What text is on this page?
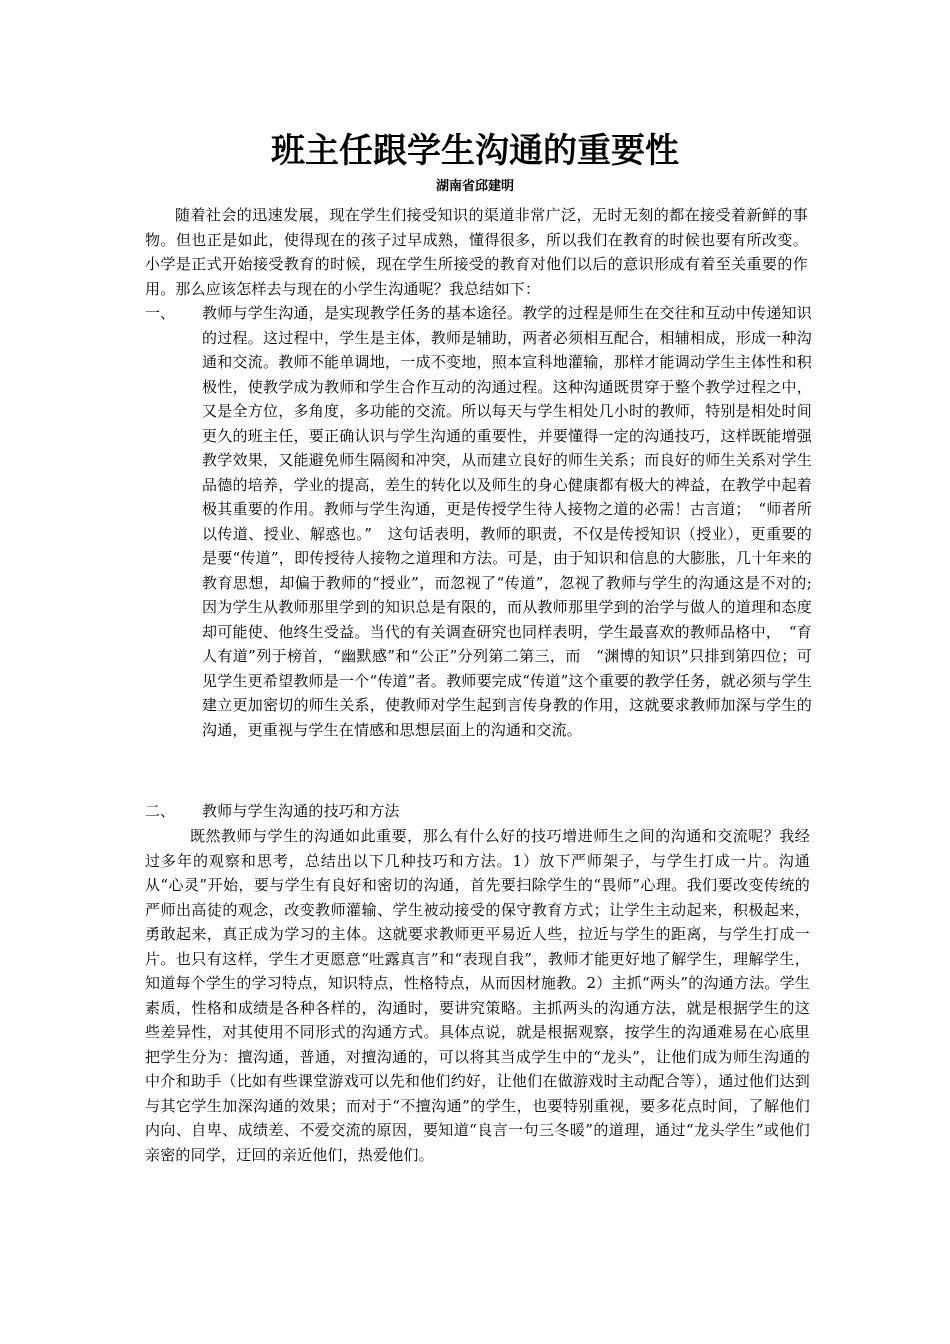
班主任跟学生沟通的重要性
湖南省邱建明

随着社会的迅速发展，现在学生们接受知识的渠道非常广泛，无时无刻的都在接受着新鲜的事物。但也正是如此，使得现在的孩子过早成熟，懂得很多，所以我们在教育的时候也要有所改变。小学是正式开始接受教育的时候，现在学生所接受的教育对他们以后的意识形成有着至关重要的作用。那么应该怎样去与现在的小学生沟通呢？我总结如下：

一、 教师与学生沟通，是实现教学任务的基本途径。教学的过程是师生在交往和互动中传递知识的过程。这过程中，学生是主体，教师是辅助，两者必须相互配合，相辅相成，形成一种沟通和交流。教师不能单调地，一成不变地，照本宣科地灌输，那样才能调动学生主体性和积极性，使教学成为教师和学生合作互动的沟通过程。这种沟通既贯穿于整个教学过程之中，又是全方位，多角度，多功能的交流。所以每天与学生相处几小时的教师，特别是相处时间更久的班主任，要正确认识与学生沟通的重要性，并要懂得一定的沟通技巧，这样既能增强教学效果，又能避免师生隔阂和冲突，从而建立良好的师生关系；而良好的师生关系对学生品德的培养，学业的提高，差生的转化以及师生的身心健康都有极大的裨益，在教学中起着极其重要的作用。教师与学生沟通，更是传授学生待人接物之道的必需！古言道；　“师者所以传道、授业、解惑也。”　这句话表明，教师的职责，不仅是传授知识（授业），更重要的是要“传道”，即传授待人接物之道理和方法。可是，由于知识和信息的大膨胀，几十年来的教育思想，却偏于教师的“授业”，而忽视了“传道”，忽视了教师与学生的沟通这是不对的;因为学生从教师那里学到的知识总是有限的，而从教师那里学到的治学与做人的道理和态度却可能使、他终生受益。当代的有关调查研究也同样表明，学生最喜欢的教师品格中，　“育人有道”列于榜首，“幽默感”和“公正”分列第二第三，而　“渊博的知识”只排到第四位；可见学生更希望教师是一个“传道”者。教师要完成“传道”这个重要的教学任务，就必须与学生建立更加密切的师生关系，使教师对学生起到言传身教的作用，这就要求教师加深与学生的沟通，更重视与学生在情感和思想层面上的沟通和交流。

二、 教师与学生沟通的技巧和方法

既然教师与学生的沟通如此重要，那么有什么好的技巧增进师生之间的沟通和交流呢？我经过多年的观察和思考，总结出以下几种技巧和方法。1）放下严师架子，与学生打成一片。沟通从“心灵”开始，要与学生有良好和密切的沟通，首先要扫除学生的“畏师”心理。我们要改变传统的严师出高徒的观念，改变教师灌输、学生被动接受的保守教育方式；让学生主动起来，积极起来，勇敢起来，真正成为学习的主体。这就要求教师更平易近人些，拉近与学生的距离，与学生打成一片。也只有这样，学生才更愿意“吐露真言”和“表现自我”，教师才能更好地了解学生，理解学生，知道每个学生的学习特点，知识特点，性格特点，从而因材施教。2）主抓“两头”的沟通方法。学生素质，性格和成绩是各种各样的，沟通时，要讲究策略。主抓两头的沟通方法，就是根据学生的这些差异性，对其使用不同形式的沟通方式。具体点说，就是根据观察，按学生的沟通难易在心底里把学生分为：擅沟通，普通，对擅沟通的，可以将其当成学生中的“龙头”，让他们成为师生沟通的中介和助手（比如有些课堂游戏可以先和他们约好，让他们在做游戏时主动配合等），通过他们达到与其它学生加深沟通的效果；而对于“不擅沟通”的学生，也要特别重视，要多花点时间，了解他们内向、自卑、成绩差、不爱交流的原因，要知道“良言一句三冬暖”的道理，通过“龙头学生”或他们亲密的同学，迂回的亲近他们，热爱他们。
